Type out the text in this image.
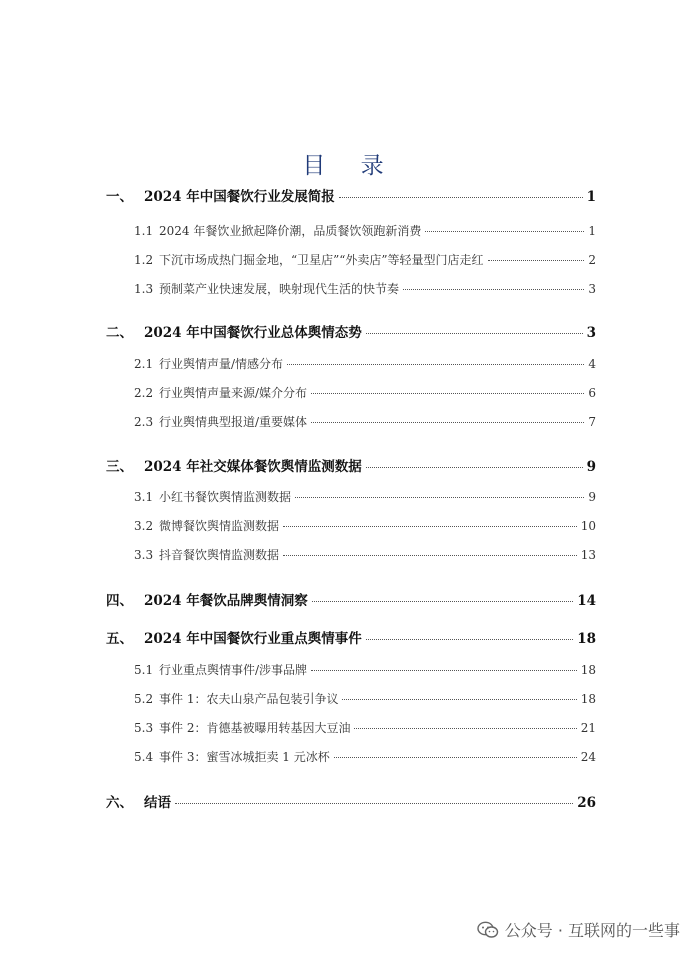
目 录
一、 2024 年中国餐饮行业发展简报	1
1.1 2024 年餐饮业掀起降价潮，品质餐饮领跑新消费	1
1.2 下沉市场成热门掘金地，“卫星店”“外卖店”等轻量型门店走红	2
1.3 预制菜产业快速发展，映射现代生活的快节奏	3
二、 2024 年中国餐饮行业总体舆情态势	3
2.1 行业舆情声量/情感分布	4
2.2 行业舆情声量来源/媒介分布	6
2.3 行业舆情典型报道/重要媒体	7
三、 2024 年社交媒体餐饮舆情监测数据	9
3.1 小红书餐饮舆情监测数据	9
3.2 微博餐饮舆情监测数据	10
3.3 抖音餐饮舆情监测数据	13
四、 2024 年餐饮品牌舆情洞察	14
五、 2024 年中国餐饮行业重点舆情事件	18
5.1 行业重点舆情事件/涉事品牌	18
5.2 事件 1：农夫山泉产品包装引争议	18
5.3 事件 2：肯德基被曝用转基因大豆油	21
5.4 事件 3：蜜雪冰城拒卖 1 元冰杯	24
六、 结语	26
公众号 · 互联网的一些事
